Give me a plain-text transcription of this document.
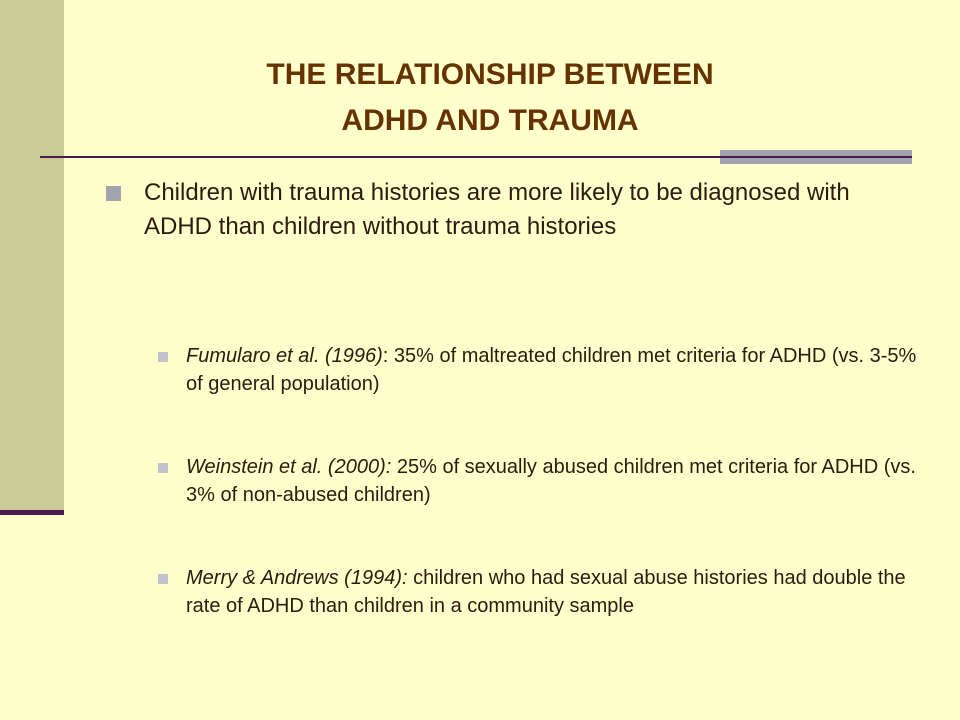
THE RELATIONSHIP BETWEEN
ADHD AND TRAUMA
Children with trauma histories are more likely to be diagnosed with ADHD than children without trauma histories
Fumularo et al. (1996): 35% of maltreated children met criteria for ADHD (vs. 3-5% of general population)
Weinstein et al. (2000): 25% of sexually abused children met criteria for ADHD (vs. 3% of non-abused children)
Merry & Andrews (1994): children who had sexual abuse histories had double the rate of ADHD than children in a community sample
